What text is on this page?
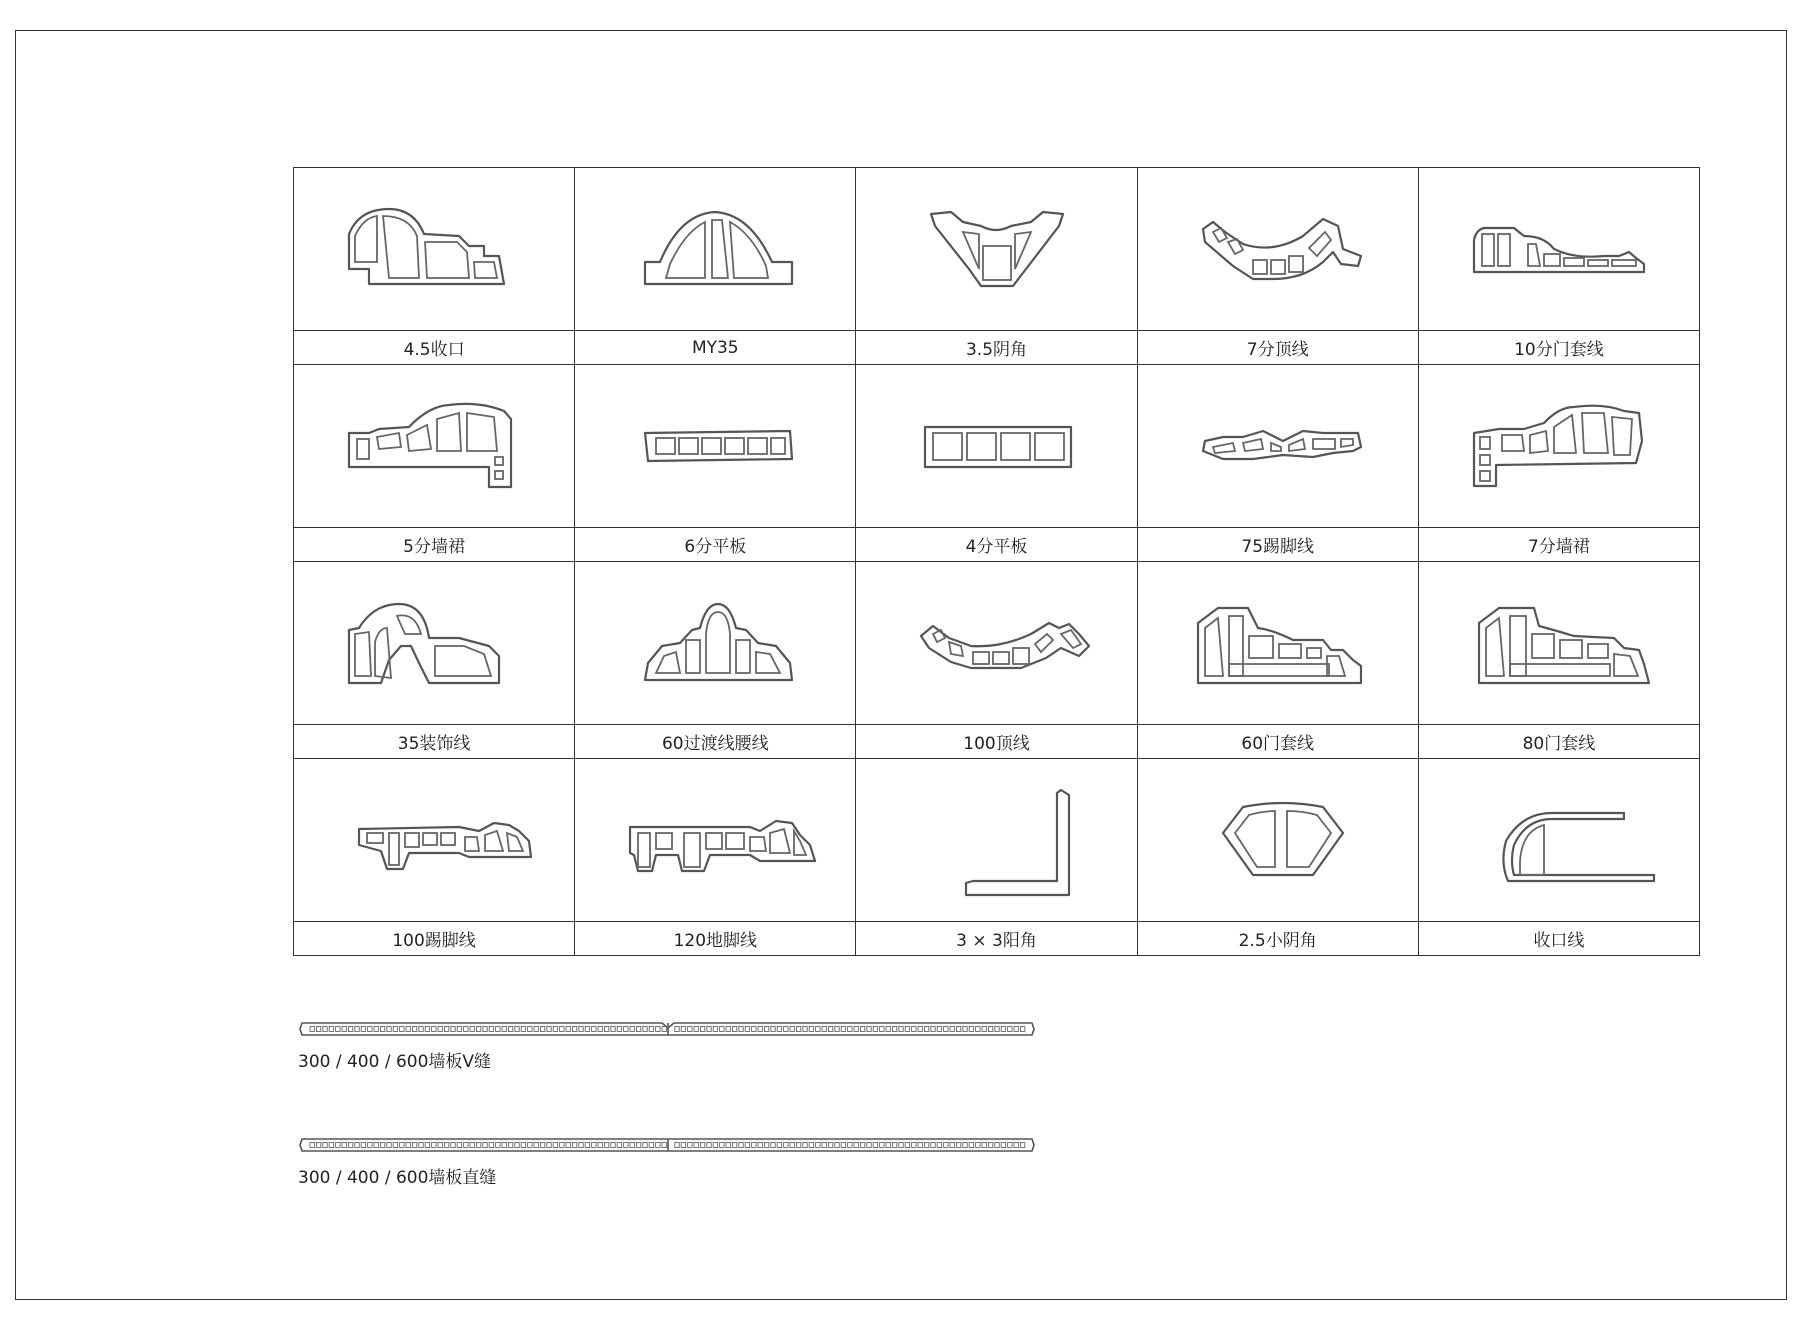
4.5收口	MY35	3.5阴角	7分顶线	10分门套线
5分墙裙	6分平板	4分平板	75踢脚线	7分墙裙
35装饰线	60过渡线腰线	100顶线	60门套线	80门套线
100踢脚线	120地脚线	3 × 3阳角	2.5小阴角	收口线
300 / 400 / 600墙板V缝
300 / 400 / 600墙板直缝
